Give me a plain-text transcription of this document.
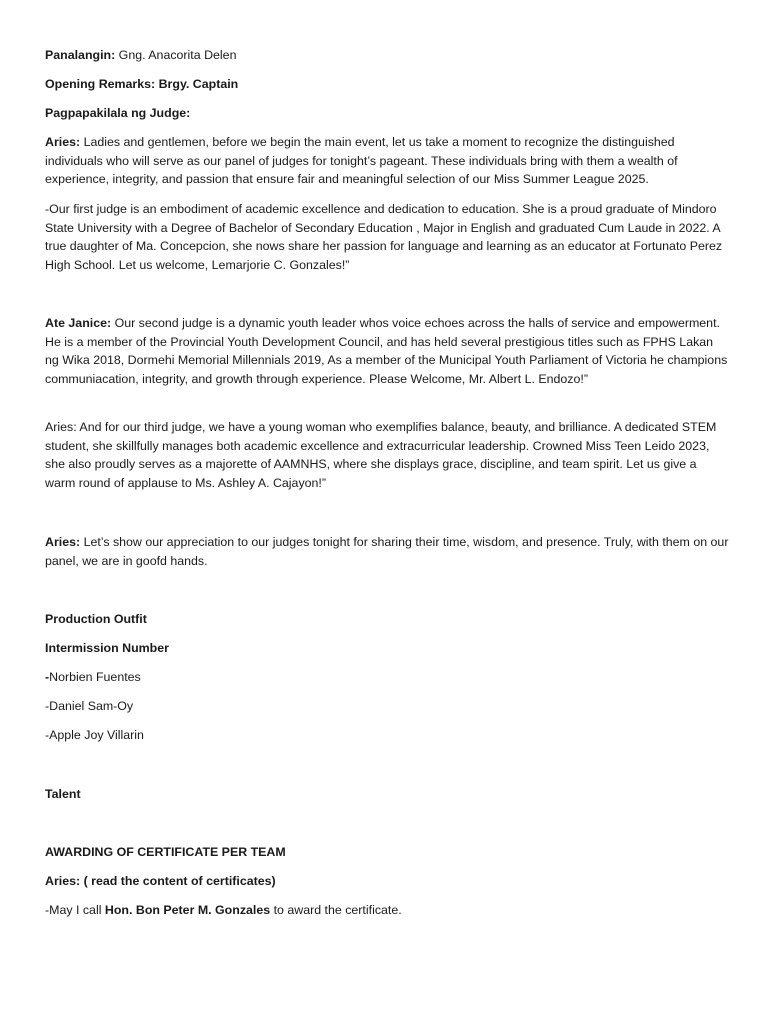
Panalangin: Gng. Anacorita Delen

Opening Remarks: Brgy. Captain

Pagpapakilala ng Judge:

Aries: Ladies and gentlemen, before we begin the main event, let us take a moment to recognize the distinguished individuals who will serve as our panel of judges for tonight’s pageant. These individuals bring with them a wealth of experience, integrity, and passion that ensure fair and meaningful selection of our Miss Summer League 2025.

-Our first judge is an embodiment of academic excellence and dedication to education. She is a proud graduate of Mindoro State University with a Degree of Bachelor of Secondary Education , Major in English and graduated Cum Laude in 2022. A true daughter of Ma. Concepcion, she nows share her passion for language and learning as an educator at Fortunato Perez High School. Let us welcome, Lemarjorie C. Gonzales!”

Ate Janice: Our second judge is a dynamic youth leader whos voice echoes across the halls of service and empowerment. He is a member of the Provincial Youth Development Council, and has held several prestigious titles such as FPHS Lakan ng Wika 2018, Dormehi Memorial Millennials 2019, As a member of the Municipal Youth Parliament of Victoria he champions communiacation, integrity, and growth through experience. Please Welcome, Mr. Albert L. Endozo!”

Aries: And for our third judge, we have a young woman who exemplifies balance, beauty, and brilliance. A dedicated STEM student, she skillfully manages both academic excellence and extracurricular leadership. Crowned Miss Teen Leido 2023, she also proudly serves as a majorette of AAMNHS, where she displays grace, discipline, and team spirit. Let us give a warm round of applause to Ms. Ashley A. Cajayon!”

Aries: Let’s show our appreciation to our judges tonight for sharing their time, wisdom, and presence. Truly, with them on our panel, we are in goofd hands.

Production Outfit

Intermission Number

-Norbien Fuentes

-Daniel Sam-Oy

-Apple Joy Villarin

Talent

AWARDING OF CERTIFICATE PER TEAM

Aries: ( read the content of certificates)

-May I call Hon. Bon Peter M. Gonzales to award the certificate.
